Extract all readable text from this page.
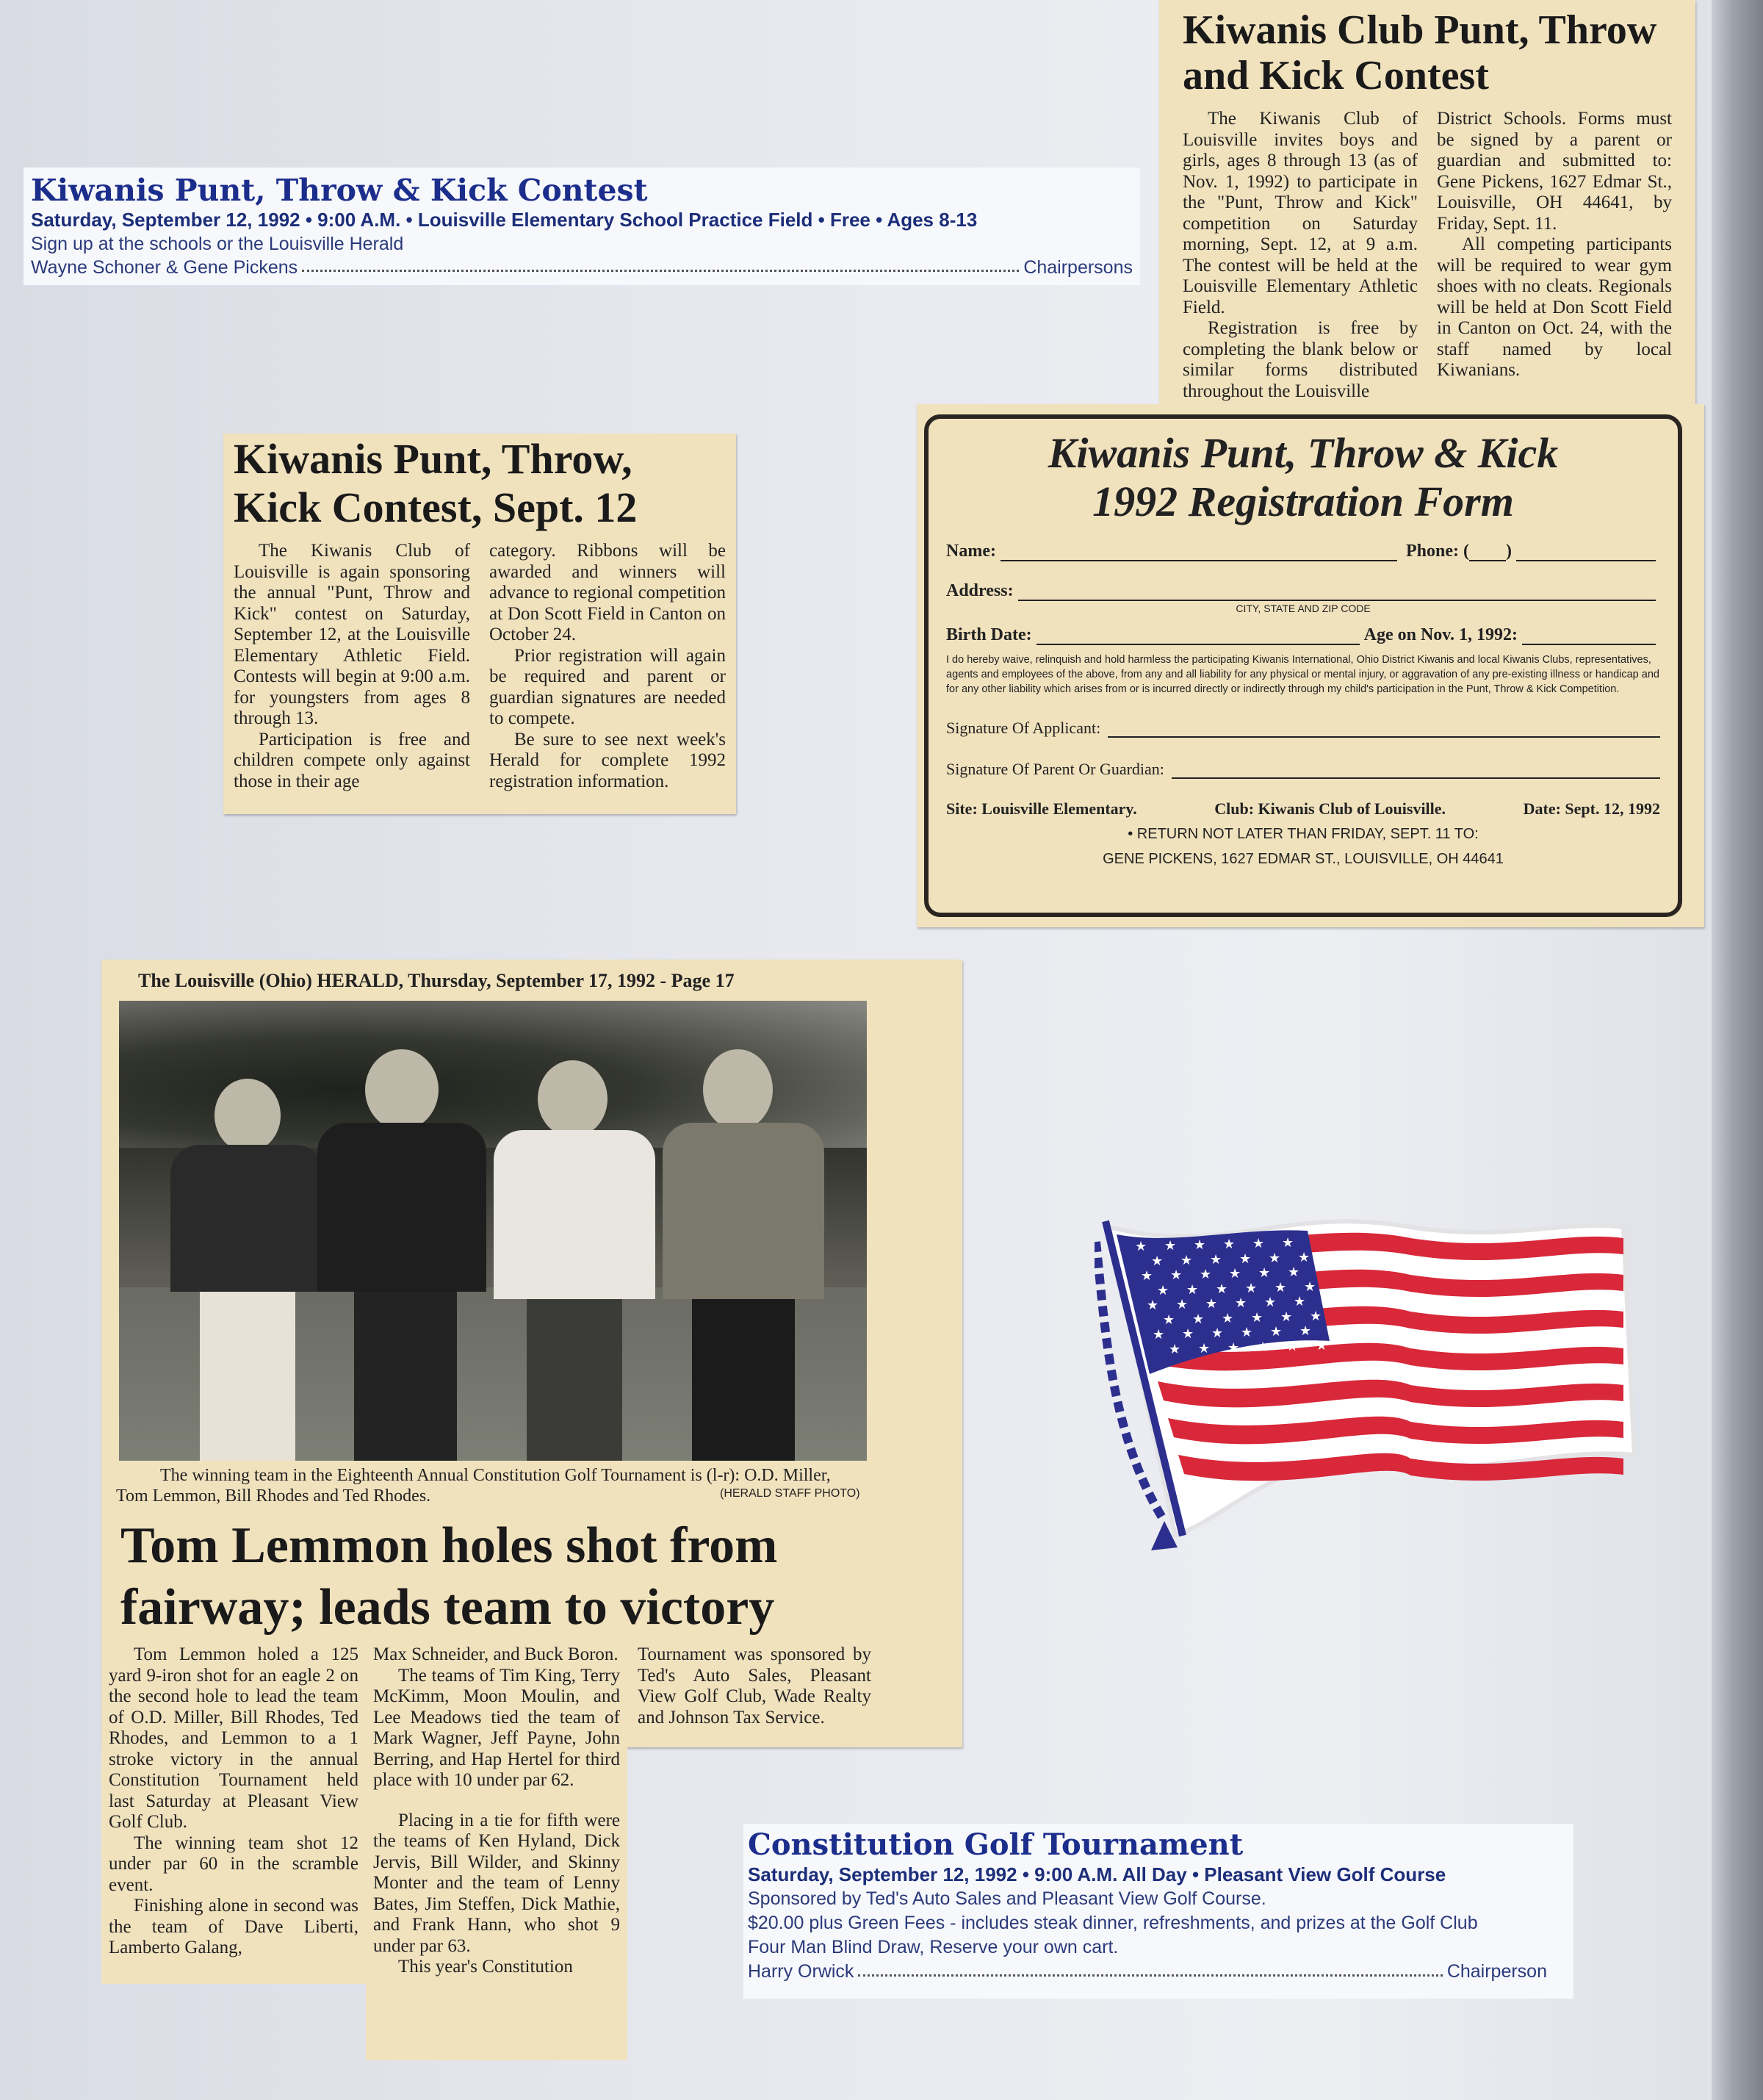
Kiwanis Punt, Throw & Kick Contest
Saturday, September 12, 1992 • 9:00 A.M. • Louisville Elementary School Practice Field • Free • Ages 8-13
Sign up at the schools or the Louisville Herald
Wayne Schoner & Gene Pickens	Chairpersons
Kiwanis Club Punt, Throw and Kick Contest

The Kiwanis Club of Louisville invites boys and girls, ages 8 through 13 (as of Nov. 1, 1992) to participate in the "Punt, Throw and Kick" competition on Saturday morning, Sept. 12, at 9 a.m. The contest will be held at the Louisville Elementary Athletic Field.

Registration is free by completing the blank below or similar forms distributed throughout the Louisville

District Schools. Forms must be signed by a parent or guardian and submitted to: Gene Pickens, 1627 Edmar St., Louisville, OH 44641, by Friday, Sept. 11.

All competing participants will be required to wear gym shoes with no cleats. Regionals will be held at Don Scott Field in Canton on Oct. 24, with the staff named by local Kiwanians.

Kiwanis Punt, Throw, Kick Contest, Sept. 12

The Kiwanis Club of Louisville is again sponsoring the annual "Punt, Throw and Kick" contest on Saturday, September 12, at the Louisville Elementary Athletic Field. Contests will begin at 9:00 a.m. for youngsters from ages 8 through 13.

Participation is free and children compete only against those in their age

category. Ribbons will be awarded and winners will advance to regional competition at Don Scott Field in Canton on October 24.

Prior registration will again be required and parent or guardian signatures are needed to compete.

Be sure to see next week's Herald for complete 1992 registration information.

Kiwanis Punt, Throw & Kick
1992 Registration Form
Name:	Phone: ( )
Address:
CITY, STATE AND ZIP CODE
Birth Date:	Age on Nov. 1, 1992:
I do hereby waive, relinquish and hold harmless the participating Kiwanis International, Ohio District Kiwanis and local Kiwanis Clubs, representatives, agents and employees of the above, from any and all liability for any physical or mental injury, or aggravation of any pre-existing illness or handicap and for any other liability which arises from or is incurred directly or indirectly through my child's participation in the Punt, Throw & Kick Competition.
Signature Of Applicant:
Signature Of Parent Or Guardian:
Site: Louisville Elementary.	Club: Kiwanis Club of Louisville.	Date: Sept. 12, 1992
• RETURN NOT LATER THAN FRIDAY, SEPT. 11 TO:
GENE PICKENS, 1627 EDMAR ST., LOUISVILLE, OH 44641
The Louisville (Ohio) HERALD, Thursday, September 17, 1992 - Page 17
The winning team in the Eighteenth Annual Constitution Golf Tournament is (l-r): O.D. Miller, Tom Lemmon, Bill Rhodes and Ted Rhodes.	(HERALD STAFF PHOTO)
Tom Lemmon holes shot from fairway; leads team to victory

Tournament was sponsored by Ted's Auto Sales, Pleasant View Golf Club, Wade Realty and Johnson Tax Service.

Tom Lemmon holed a 125 yard 9-iron shot for an eagle 2 on the second hole to lead the team of O.D. Miller, Bill Rhodes, Ted Rhodes, and Lemmon to a 1 stroke victory in the annual Constitution Tournament held last Saturday at Pleasant View Golf Club.

The winning team shot 12 under par 60 in the scramble event.

Finishing alone in second was the team of Dave Liberti, Lamberto Galang,

Max Schneider, and Buck Boron.

The teams of Tim King, Terry McKimm, Moon Moulin, and Lee Meadows tied the team of Mark Wagner, Jeff Payne, John Berring, and Hap Hertel for third place with 10 under par 62.

Placing in a tie for fifth were the teams of Ken Hyland, Dick Jervis, Bill Wilder, and Skinny Monter and the team of Lenny Bates, Jim Steffen, Dick Mathie, and Frank Hann, who shot 9 under par 63.

This year's Constitution

★ ★ ★ ★ ★ ★
★ ★ ★ ★ ★ ★
★ ★ ★ ★ ★ ★
★ ★ ★ ★ ★ ★
★ ★ ★ ★ ★ ★
★ ★ ★ ★ ★ ★
★ ★ ★ ★ ★ ★
★ ★ ★ ★ ★ ★
Constitution Golf Tournament
Saturday, September 12, 1992 • 9:00 A.M. All Day • Pleasant View Golf Course
Sponsored by Ted's Auto Sales and Pleasant View Golf Course.
$20.00 plus Green Fees - includes steak dinner, refreshments, and prizes at the Golf Club
Four Man Blind Draw, Reserve your own cart.
Harry Orwick	Chairperson
